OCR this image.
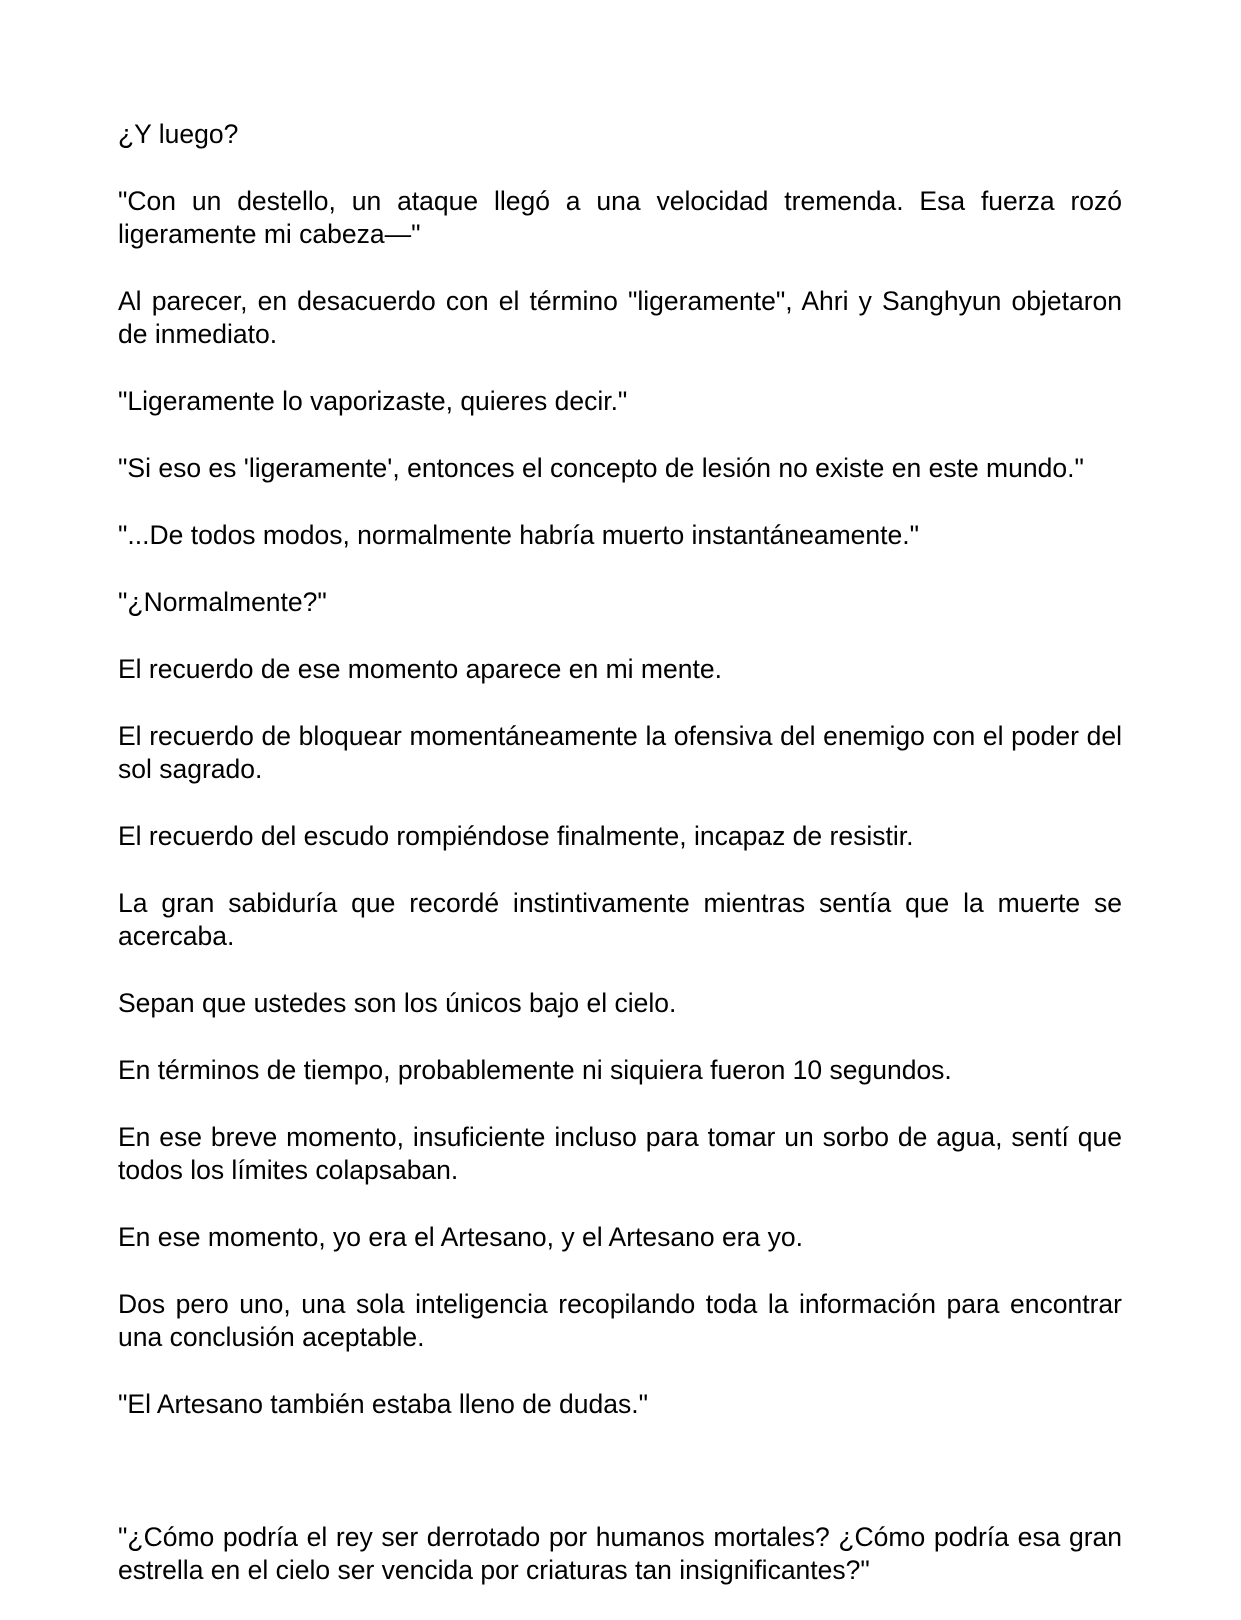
¿Y luego?

"Con un destello, un ataque llegó a una velocidad tremenda. Esa fuerza rozó ligeramente mi cabeza—"

Al parecer, en desacuerdo con el término "ligeramente", Ahri y Sanghyun objetaron de inmediato.

"Ligeramente lo vaporizaste, quieres decir."

"Si eso es 'ligeramente', entonces el concepto de lesión no existe en este mundo."

"...De todos modos, normalmente habría muerto instantáneamente."

"¿Normalmente?"

El recuerdo de ese momento aparece en mi mente.

El recuerdo de bloquear momentáneamente la ofensiva del enemigo con el poder del sol sagrado.

El recuerdo del escudo rompiéndose finalmente, incapaz de resistir.

La gran sabiduría que recordé instintivamente mientras sentía que la muerte se acercaba.

Sepan que ustedes son los únicos bajo el cielo.

En términos de tiempo, probablemente ni siquiera fueron 10 segundos.

En ese breve momento, insuficiente incluso para tomar un sorbo de agua, sentí que todos los límites colapsaban.

En ese momento, yo era el Artesano, y el Artesano era yo.

Dos pero uno, una sola inteligencia recopilando toda la información para encontrar una conclusión aceptable.

"El Artesano también estaba lleno de dudas."

"¿Cómo podría el rey ser derrotado por humanos mortales? ¿Cómo podría esa gran estrella en el cielo ser vencida por criaturas tan insignificantes?"
